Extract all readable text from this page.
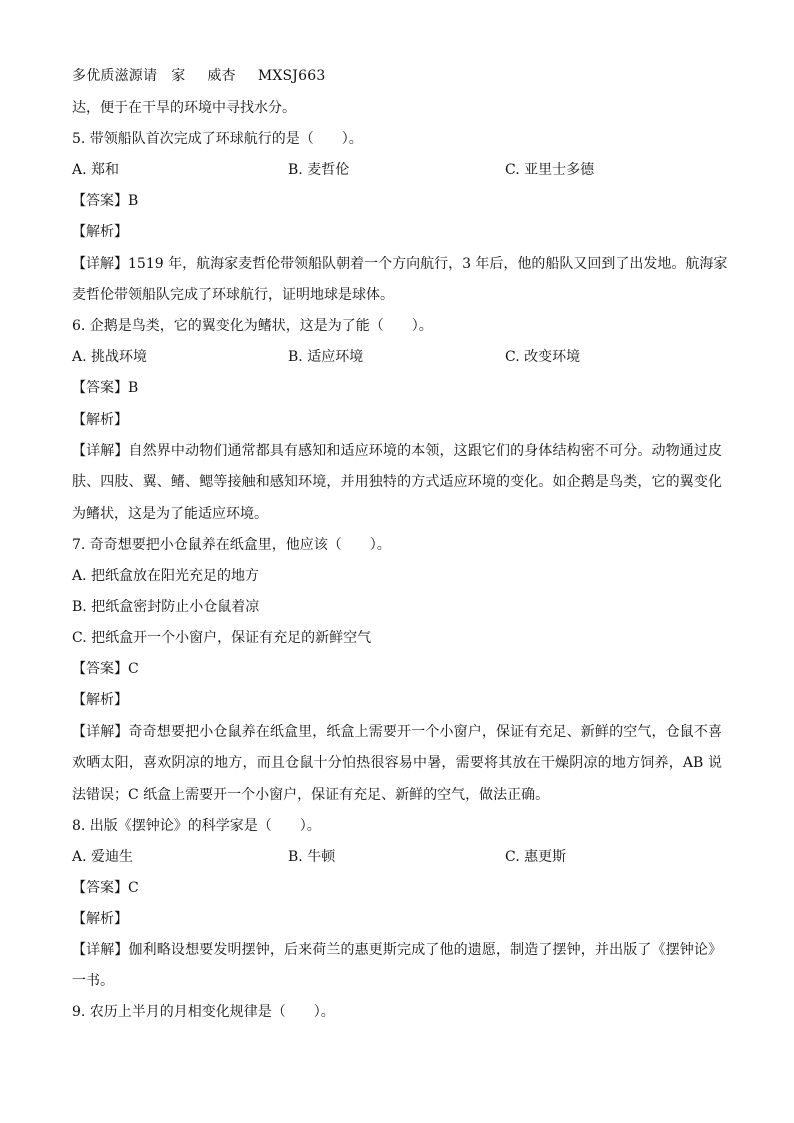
多优质滋源请 家 威杏 MXSJ663
达，便于在干旱的环境中寻找水分。
5. 带领船队首次完成了环球航行的是（　　）。
A. 郑和	B. 麦哲伦	C. 亚里士多德
【答案】B
【解析】
【详解】1519 年，航海家麦哲伦带领船队朝着一个方向航行，3 年后，他的船队又回到了出发地。航海家
麦哲伦带领船队完成了环球航行，证明地球是球体。
6. 企鹅是鸟类，它的翼变化为鳍状，这是为了能（　　）。
A. 挑战环境	B. 适应环境	C. 改变环境
【答案】B
【解析】
【详解】自然界中动物们通常都具有感知和适应环境的本领，这跟它们的身体结构密不可分。动物通过皮
肤、四肢、翼、鳍、鳃等接触和感知环境，并用独特的方式适应环境的变化。如企鹅是鸟类，它的翼变化
为鳍状，这是为了能适应环境。
7. 奇奇想要把小仓鼠养在纸盒里，他应该（　　）。
A. 把纸盒放在阳光充足的地方
B. 把纸盒密封防止小仓鼠着凉
C. 把纸盒开一个小窗户，保证有充足的新鲜空气
【答案】C
【解析】
【详解】奇奇想要把小仓鼠养在纸盒里，纸盒上需要开一个小窗户，保证有充足、新鲜的空气，仓鼠不喜
欢晒太阳，喜欢阴凉的地方，而且仓鼠十分怕热很容易中暑，需要将其放在干燥阴凉的地方饲养，AB 说
法错误；C 纸盒上需要开一个小窗户，保证有充足、新鲜的空气，做法正确。
8. 出版《摆钟论》的科学家是（　　）。
A. 爱迪生	B. 牛顿	C. 惠更斯
【答案】C
【解析】
【详解】伽利略设想要发明摆钟，后来荷兰的惠更斯完成了他的遗愿，制造了摆钟，并出版了《摆钟论》
一书。
9. 农历上半月的月相变化规律是（　　）。
